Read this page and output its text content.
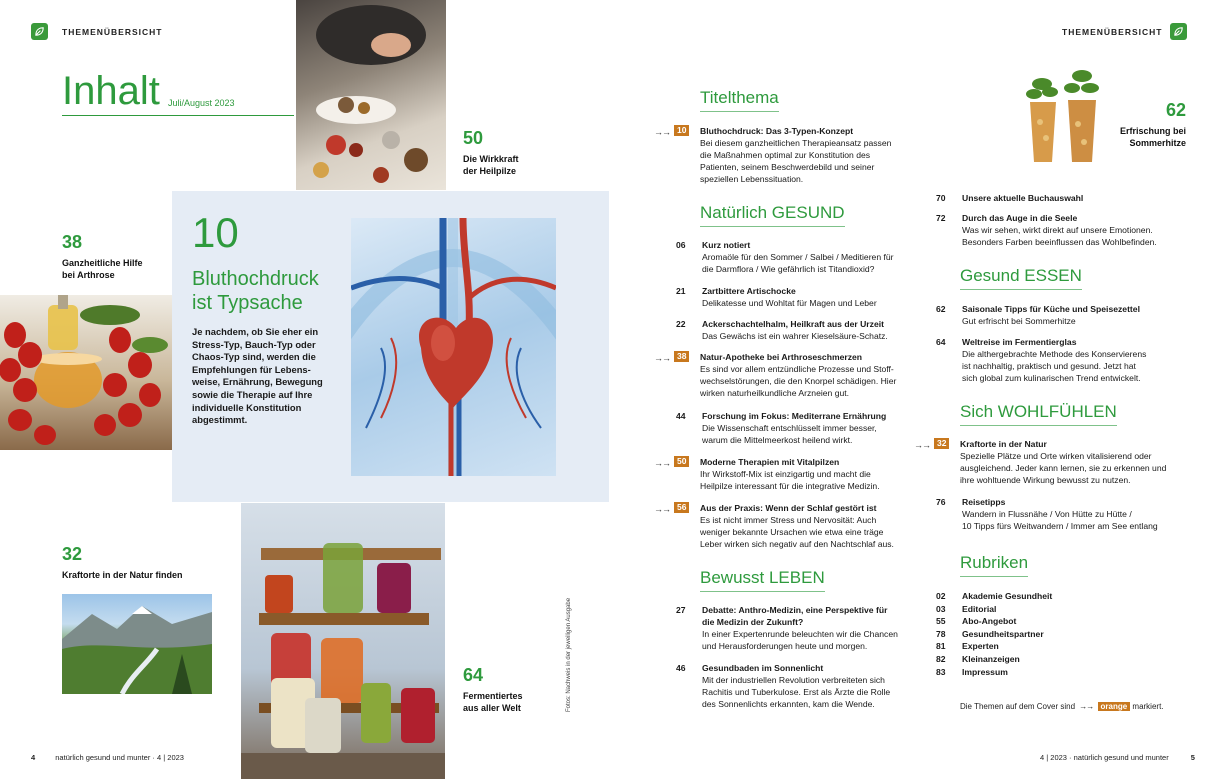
THEMENÜBERSICHT
Inhalt Juli/August 2023
50
Die Wirkkraft
der Heilpilze
38
Ganzheitliche Hilfe
bei Arthrose
10
Bluthochdruck
ist Typsache
Je nachdem, ob Sie eher ein
Stress-Typ, Bauch-Typ oder
Chaos-Typ sind, werden die
Empfehlungen für Lebens-
weise, Ernährung, Bewegung
sowie die Therapie auf Ihre
individuelle Konstitution
abgestimmt.
64
Fermentiertes
aus aller Welt
32
Kraftorte in der Natur finden
Fotos: Nachweis in der jeweiligen Ausgabe
4	natürlich gesund und munter · 4 | 2023
THEMENÜBERSICHT
Titelthema
→→ 10	Bluthochdruck: Das 3-Typen-Konzept
Bei diesem ganzheitlichen Therapieansatz passen
die Maßnahmen optimal zur Konstitution des
Patienten, seinem Beschwerdebild und seiner
speziellen Lebenssituation.
Natürlich GESUND
06	Kurz notiert
Aromaöle für den Sommer / Salbei / Meditieren für
die Darmflora / Wie gefährlich ist Titandioxid?
21	Zartbittere Artischocke
Delikatesse und Wohltat für Magen und Leber
22	Ackerschachtelhalm, Heilkraft aus der Urzeit
Das Gewächs ist ein wahrer Kieselsäure-Schatz.
→→ 38	Natur-Apotheke bei Arthroseschmerzen
Es sind vor allem entzündliche Prozesse und Stoff-
wechselstörungen, die den Knorpel schädigen. Hier
wirken naturheilkundliche Arzneien gut.
44	Forschung im Fokus: Mediterrane Ernährung
Die Wissenschaft entschlüsselt immer besser,
warum die Mittelmeerkost heilend wirkt.
→→ 50	Moderne Therapien mit Vitalpilzen
Ihr Wirkstoff-Mix ist einzigartig und macht die
Heilpilze interessant für die integrative Medizin.
→→ 56	Aus der Praxis: Wenn der Schlaf gestört ist
Es ist nicht immer Stress und Nervosität: Auch
weniger bekannte Ursachen wie etwa eine träge
Leber wirken sich negativ auf den Nachtschlaf aus.
Bewusst LEBEN
27	Debatte: Anthro-Medizin, eine Perspektive für
die Medizin der Zukunft?
In einer Expertenrunde beleuchten wir die Chancen
und Herausforderungen heute und morgen.
46	Gesundbaden im Sonnenlicht
Mit der industriellen Revolution verbreiteten sich
Rachitis und Tuberkulose. Erst als Ärzte die Rolle
des Sonnenlichts erkannten, kam die Wende.
62
Erfrischung bei
Sommerhitze
70	Unsere aktuelle Buchauswahl
72	Durch das Auge in die Seele
Was wir sehen, wirkt direkt auf unsere Emotionen.
Besonders Farben beeinflussen das Wohlbefinden.
Gesund ESSEN
62	Saisonale Tipps für Küche und Speisezettel
Gut erfrischt bei Sommerhitze
64	Weltreise im Fermentierglas
Die althergebrachte Methode des Konservierens
ist nachhaltig, praktisch und gesund. Jetzt hat
sich global zum kulinarischen Trend entwickelt.
Sich WOHLFÜHLEN
→→ 32	Kraftorte in der Natur
Spezielle Plätze und Orte wirken vitalisierend oder
ausgleichend. Jeder kann lernen, sie zu erkennen und
ihre wohltuende Wirkung bewusst zu nutzen.
76	Reisetipps
Wandern in Flussnähe / Von Hütte zu Hütte /
10 Tipps fürs Weitwandern / Immer am See entlang
Rubriken
02 Akademie Gesundheit
03 Editorial
55 Abo-Angebot
78 Gesundheitspartner
81 Experten
82 Kleinanzeigen
83 Impressum
Die Themen auf dem Cover sind →→ orange markiert.
4 | 2023 · natürlich gesund und munter	5
